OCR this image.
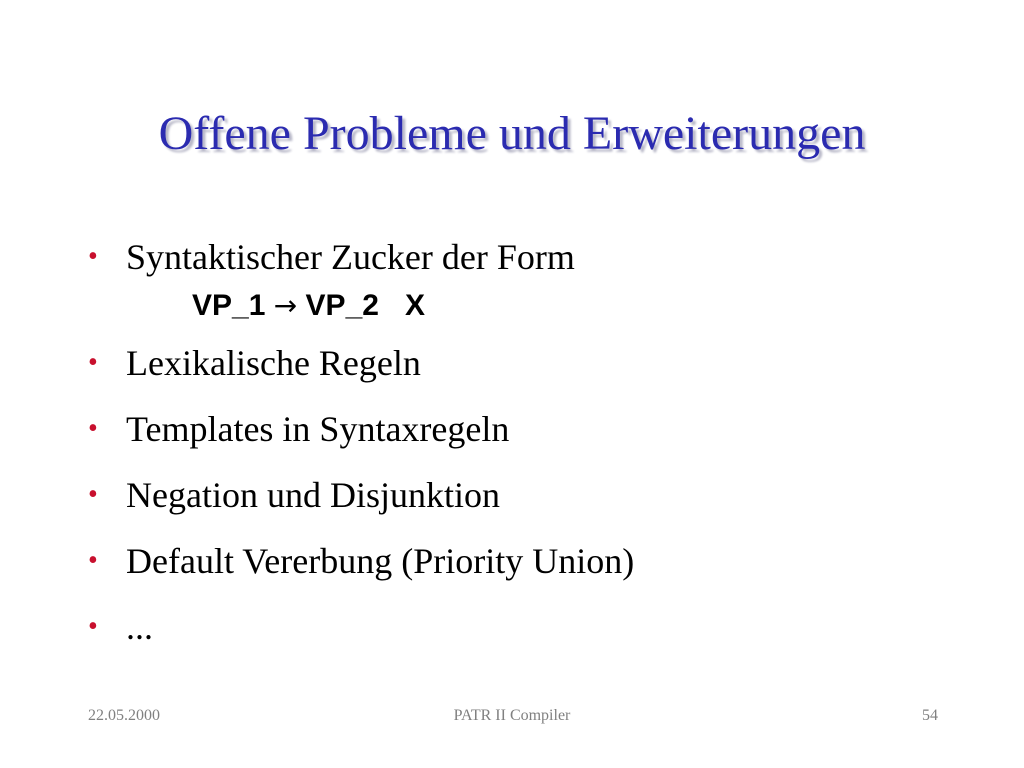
Offene Probleme und Erweiterungen
• Syntaktischer Zucker der Form
VP_1 → VP_2 X
• Lexikalische Regeln
• Templates in Syntaxregeln
• Negation und Disjunktion
• Default Vererbung (Priority Union)
• ...
22.05.2000	PATR II Compiler	54
